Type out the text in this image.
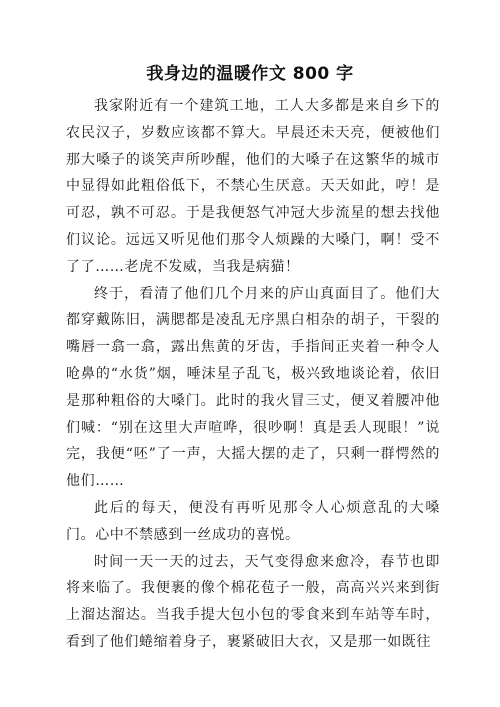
我身边的温暖作文 800 字

我家附近有一个建筑工地，工人大多都是来自乡下的农民汉子，岁数应该都不算大。早晨还未天亮，便被他们那大嗓子的谈笑声所吵醒，他们的大嗓子在这繁华的城市中显得如此粗俗低下，不禁心生厌意。天天如此，哼！是可忍，孰不可忍。于是我便怒气冲冠大步流星的想去找他们议论。远远又听见他们那令人烦躁的大嗓门，啊！受不了了……老虎不发威，当我是病猫！

终于，看清了他们几个月来的庐山真面目了。他们大都穿戴陈旧，满腮都是凌乱无序黑白相杂的胡子，干裂的嘴唇一翕一翕，露出焦黄的牙齿，手指间正夹着一种令人呛鼻的“水货”烟，唾沫星子乱飞，极兴致地谈论着，依旧是那种粗俗的大嗓门。此时的我火冒三丈，便叉着腰冲他们喊：“别在这里大声喧哗，很吵啊！真是丢人现眼！”说完，我便“呸”了一声，大摇大摆的走了，只剩一群愕然的他们……

此后的每天，便没有再听见那令人心烦意乱的大嗓门。心中不禁感到一丝成功的喜悦。

时间一天一天的过去，天气变得愈来愈冷，春节也即将来临了。我便裹的像个棉花苞子一般，高高兴兴来到街上溜达溜达。当我手提大包小包的零食来到车站等车时，看到了他们蜷缩着身子，裹紧破旧大衣，又是那一如既往
